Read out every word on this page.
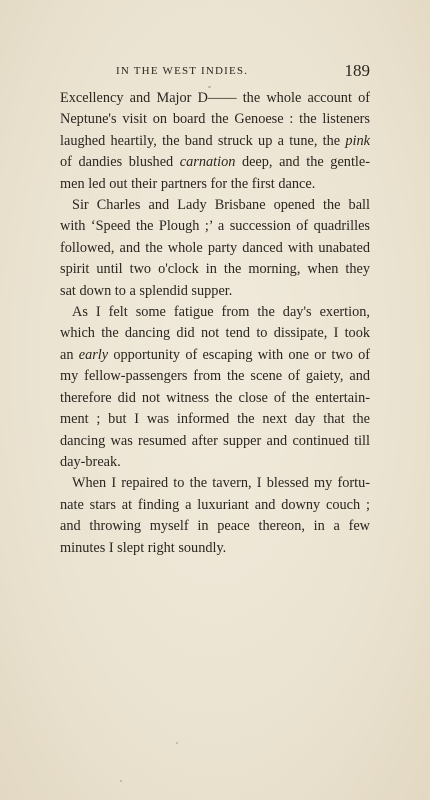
IN THE WEST INDIES.	189
Excellency and Major D—— the whole account of
Neptune's visit on board the Genoese : the listeners
laughed heartily, the band struck up a tune, the pink
of dandies blushed carnation deep, and the gentle-
men led out their partners for the first dance.
Sir Charles and Lady Brisbane opened the ball
with ‘Speed the Plough ;’ a succession of quadrilles
followed, and the whole party danced with unabated
spirit until two o'clock in the morning, when they
sat down to a splendid supper.
As I felt some fatigue from the day's exertion,
which the dancing did not tend to dissipate, I took
an early opportunity of escaping with one or two of
my fellow-passengers from the scene of gaiety, and
therefore did not witness the close of the entertain-
ment ; but I was informed the next day that the
dancing was resumed after supper and continued till
day-break.
When I repaired to the tavern, I blessed my fortu-
nate stars at finding a luxuriant and downy couch ;
and throwing myself in peace thereon, in a few
minutes I slept right soundly.
